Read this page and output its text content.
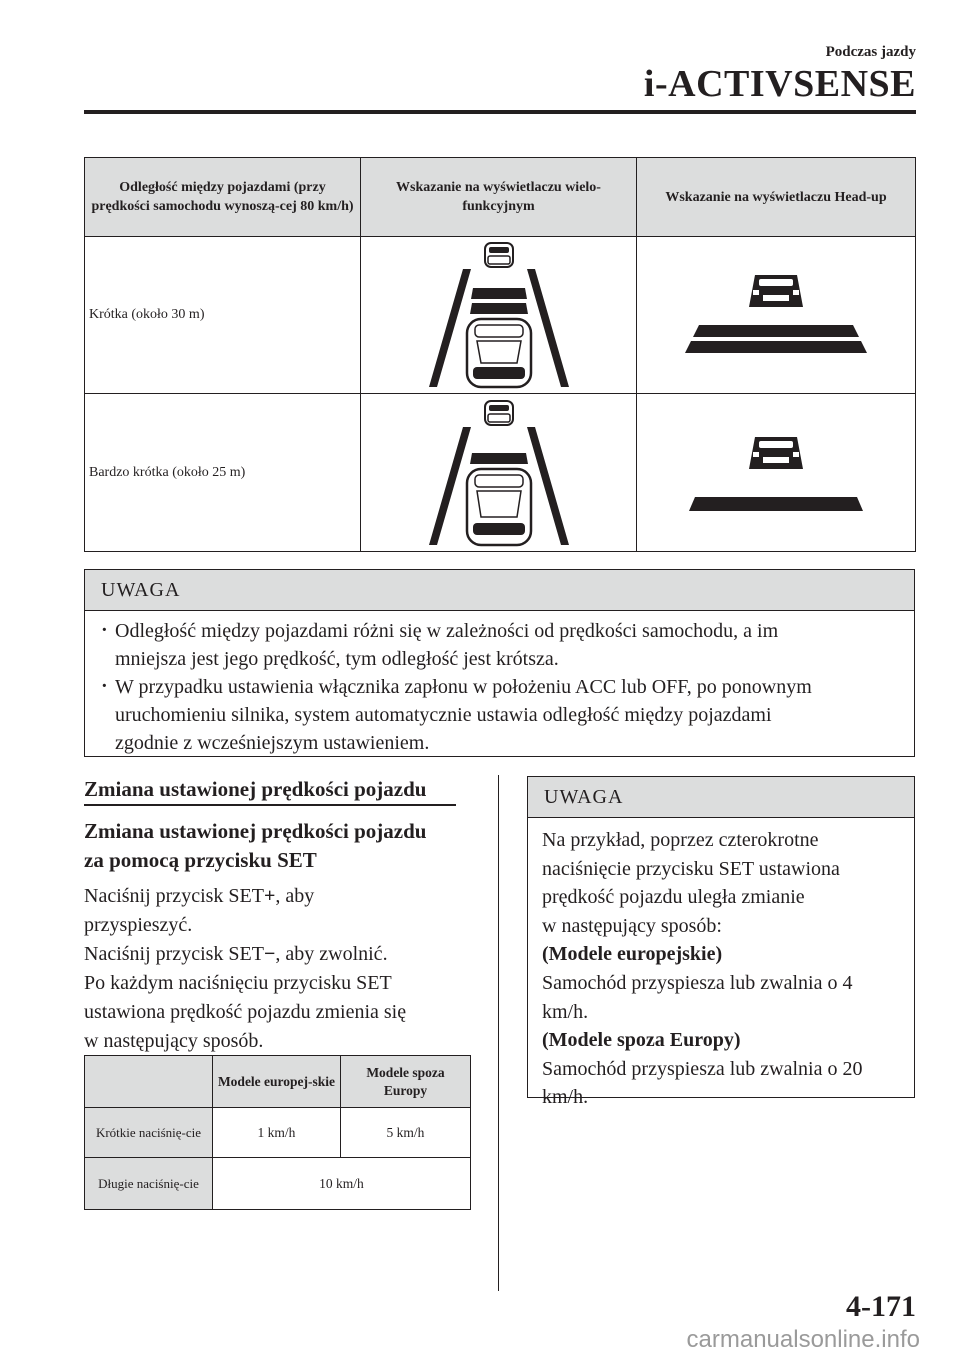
Podczas jazdy
i-ACTIVSENSE
Odległość między pojazdami (przy prędkości samochodu wynoszą-cej 80 km/h)	Wskazanie na wyświetlaczu wielo-funkcyjnym	Wskazanie na wyświetlaczu Head-up
Krótka (około 30 m)	

Bardzo krótka (około 25 m)	

UWAGA
· Odległość między pojazdami różni się w zależności od prędkości samochodu, a im
mniejsza jest jego prędkość, tym odległość jest krótsza.
· W przypadku ustawienia włącznika zapłonu w położeniu ACC lub OFF, po ponownym
uruchomieniu silnika, system automatycznie ustawia odległość między pojazdami
zgodnie z wcześniejszym ustawieniem.
Zmiana ustawionej prędkości pojazdu
Zmiana ustawionej prędkości pojazdu
za pomocą przycisku SET
Naciśnij przycisk SET+, aby
przyspieszyć.
Naciśnij przycisk SET−, aby zwolnić.
Po każdym naciśnięciu przycisku SET
ustawiona prędkość pojazdu zmienia się
w następujący sposób.
	Modele europej-skie	Modele spoza Europy
Krótkie naciśnię-cie	1 km/h	5 km/h
Długie naciśnię-cie	10 km/h	
UWAGA
Na przykład, poprzez czterokrotne
naciśnięcie przycisku SET ustawiona
prędkość pojazdu uległa zmianie
w następujący sposób:
(Modele europejskie)
Samochód przyspiesza lub zwalnia o 4
km/h.
(Modele spoza Europy)
Samochód przyspiesza lub zwalnia o 20
km/h.
4-171
carmanualsonline.info
